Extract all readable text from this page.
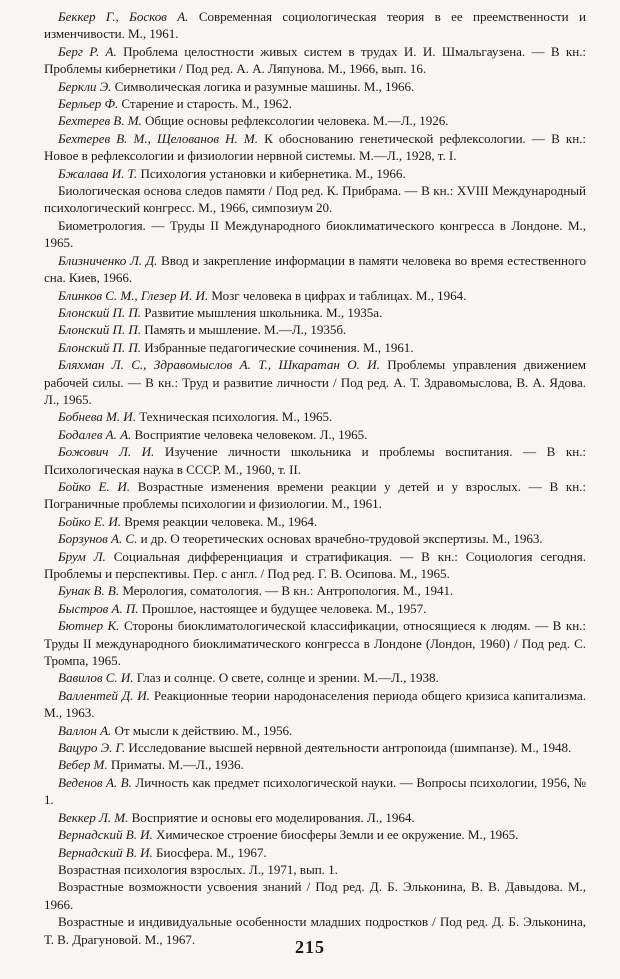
Беккер Г., Босков А. Современная социологическая теория в ее преемственности и изменчивости. М., 1961.
Берг Р. А. Проблема целостности живых систем в трудах И. И. Шмальгаузена. — В кн.: Проблемы кибернетики / Под ред. А. А. Ляпунова. М., 1966, вып. 16.
Беркли Э. Символическая логика и разумные машины. М., 1966.
Берльер Ф. Старение и старость. М., 1962.
Бехтерев В. М. Общие основы рефлексологии человека. М.—Л., 1926.
Бехтерев В. М., Щелованов Н. М. К обоснованию генетической рефлексологии. — В кн.: Новое в рефлексологии и физиологии нервной системы. М.—Л., 1928, т. I.
Бжалава И. Т. Психология установки и кибернетика. М., 1966.
Биологическая основа следов памяти / Под ред. К. Прибрама. — В кн.: XVIII Международный психологический конгресс. М., 1966, симпозиум 20.
Биометрология. — Труды II Международного биоклиматического конгресса в Лондоне. М., 1965.
Близниченко Л. Д. Ввод и закрепление информации в памяти человека во время естественного сна. Киев, 1966.
Блинков С. М., Глезер И. И. Мозг человека в цифрах и таблицах. М., 1964.
Блонский П. П. Развитие мышления школьника. М., 1935а.
Блонский П. П. Память и мышление. М.—Л., 1935б.
Блонский П. П. Избранные педагогические сочинения. М., 1961.
Бляхман Л. С., Здравомыслов А. Т., Шкаратан О. И. Проблемы управления движением рабочей силы. — В кн.: Труд и развитие личности / Под ред. А. Т. Здравомыслова, В. А. Ядова. Л., 1965.
Бобнева М. И. Техническая психология. М., 1965.
Бодалев А. А. Восприятие человека человеком. Л., 1965.
Божович Л. И. Изучение личности школьника и проблемы воспитания. — В кн.: Психологическая наука в СССР. М., 1960, т. II.
Бойко Е. И. Возрастные изменения времени реакции у детей и у взрослых. — В кн.: Пограничные проблемы психологии и физиологии. М., 1961.
Бойко Е. И. Время реакции человека. М., 1964.
Борзунов А. С. и др. О теоретических основах врачебно-трудовой экспертизы. М., 1963.
Брум Л. Социальная дифференциация и стратификация. — В кн.: Социология сегодня. Проблемы и перспективы. Пер. с англ. / Под ред. Г. В. Осипова. М., 1965.
Бунак В. В. Мерология, соматология. — В кн.: Антропология. М., 1941.
Быстров А. П. Прошлое, настоящее и будущее человека. М., 1957.
Бютнер К. Стороны биоклиматологической классификации, относящиеся к людям. — В кн.: Труды II международного биоклиматического конгресса в Лондоне (Лондон, 1960) / Под ред. С. Тромпа, 1965.
Вавилов С. И. Глаз и солнце. О свете, солнце и зрении. М.—Л., 1938.
Валлентей Д. И. Реакционные теории народонаселения периода общего кризиса капитализма. М., 1963.
Валлон А. От мысли к действию. М., 1956.
Вацуро Э. Г. Исследование высшей нервной деятельности антропоида (шимпанзе). М., 1948.
Вебер М. Приматы. М.—Л., 1936.
Веденов А. В. Личность как предмет психологической науки. — Вопросы психологии, 1956, № 1.
Веккер Л. М. Восприятие и основы его моделирования. Л., 1964.
Вернадский В. И. Химическое строение биосферы Земли и ее окружение. М., 1965.
Вернадский В. И. Биосфера. М., 1967.
Возрастная психология взрослых. Л., 1971, вып. 1.
Возрастные возможности усвоения знаний / Под ред. Д. Б. Эльконина, В. В. Давыдова. М., 1966.
Возрастные и индивидуальные особенности младших подростков / Под ред. Д. Б. Эльконина, Т. В. Драгуновой. М., 1967.	215
